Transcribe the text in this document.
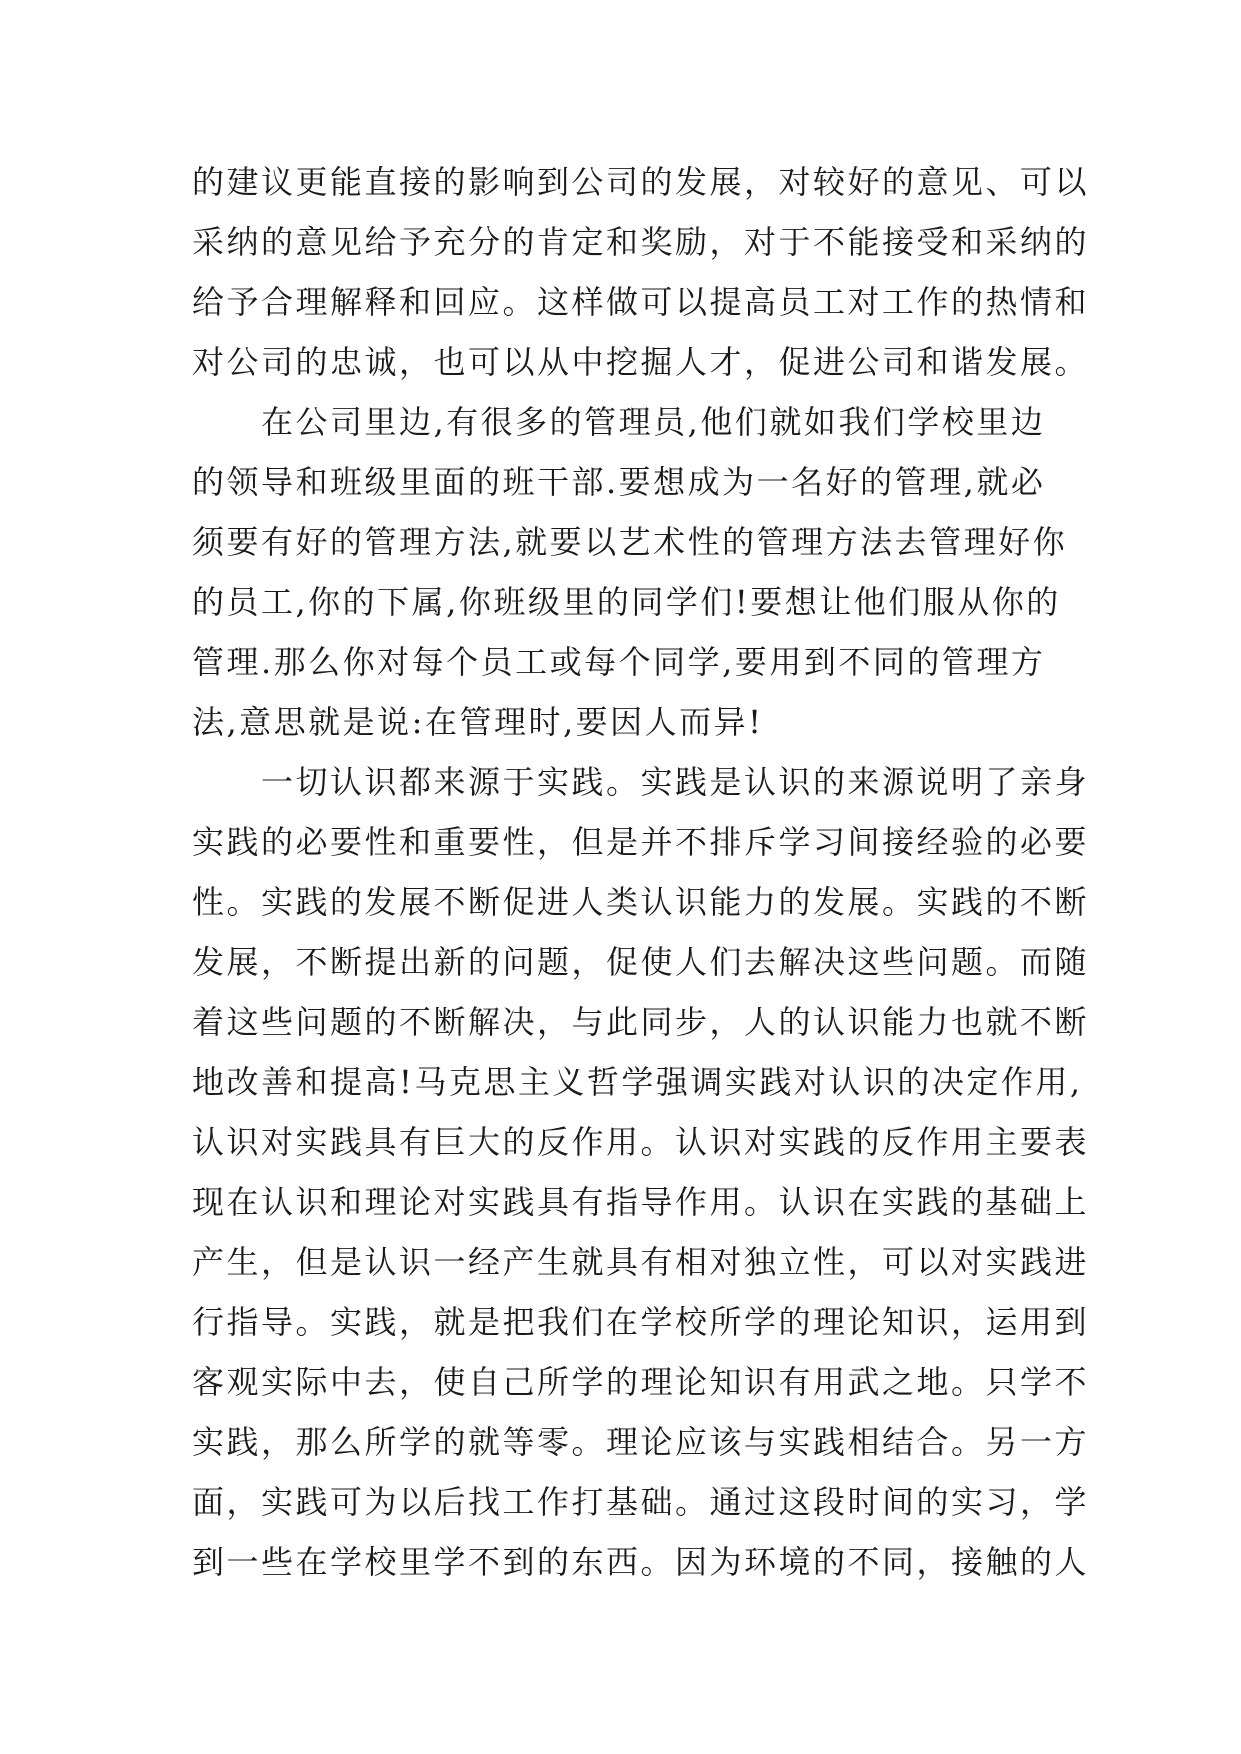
的建议更能直接的影响到公司的发展，对较好的意见、可以
采纳的意见给予充分的肯定和奖励，对于不能接受和采纳的
给予合理解释和回应。这样做可以提高员工对工作的热情和
对公司的忠诚，也可以从中挖掘人才，促进公司和谐发展。
　　在公司里边,有很多的管理员,他们就如我们学校里边
的领导和班级里面的班干部.要想成为一名好的管理,就必
须要有好的管理方法,就要以艺术性的管理方法去管理好你
的员工,你的下属,你班级里的同学们!要想让他们服从你的
管理.那么你对每个员工或每个同学,要用到不同的管理方
法,意思就是说:在管理时,要因人而异!
　　一切认识都来源于实践。实践是认识的来源说明了亲身
实践的必要性和重要性，但是并不排斥学习间接经验的必要
性。实践的发展不断促进人类认识能力的发展。实践的不断
发展，不断提出新的问题，促使人们去解决这些问题。而随
着这些问题的不断解决，与此同步，人的认识能力也就不断
地改善和提高!马克思主义哲学强调实践对认识的决定作用,
认识对实践具有巨大的反作用。认识对实践的反作用主要表
现在认识和理论对实践具有指导作用。认识在实践的基础上
产生，但是认识一经产生就具有相对独立性，可以对实践进
行指导。实践，就是把我们在学校所学的理论知识，运用到
客观实际中去，使自己所学的理论知识有用武之地。只学不
实践，那么所学的就等零。理论应该与实践相结合。另一方
面，实践可为以后找工作打基础。通过这段时间的实习，学
到一些在学校里学不到的东西。因为环境的不同，接触的人
